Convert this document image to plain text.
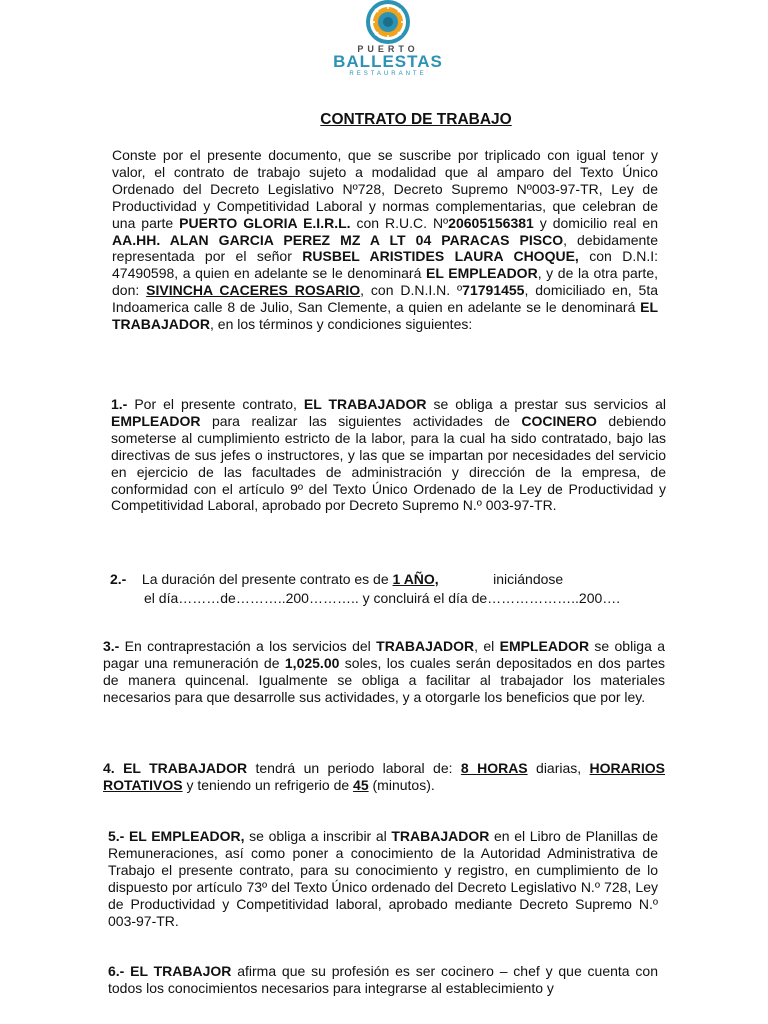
PUERTO
BALLESTAS
RESTAURANTE
CONTRATO DE TRABAJO
Conste por el presente documento, que se suscribe por triplicado con igual tenor y valor, el contrato de trabajo sujeto a modalidad que al amparo del Texto Único Ordenado del Decreto Legislativo Nº728, Decreto Supremo Nº003-97-TR, Ley de Productividad y Competitividad Laboral y normas complementarias, que celebran de una parte PUERTO GLORIA E.I.R.L. con R.U.C. Nº20605156381 y domicilio real en AA.HH. ALAN GARCIA PEREZ MZ A LT 04 PARACAS PISCO, debidamente representada por el señor RUSBEL ARISTIDES LAURA CHOQUE, con D.N.I: 47490598, a quien en adelante se le denominará EL EMPLEADOR, y de la otra parte, don: SIVINCHA CACERES ROSARIO, con D.N.I.N. º71791455, domiciliado en, 5ta Indoamerica calle 8 de Julio, San Clemente, a quien en adelante se le denominará EL TRABAJADOR, en los términos y condiciones siguientes:
1.- Por el presente contrato, EL TRABAJADOR se obliga a prestar sus servicios al EMPLEADOR para realizar las siguientes actividades de COCINERO debiendo someterse al cumplimiento estricto de la labor, para la cual ha sido contratado, bajo las directivas de sus jefes o instructores, y las que se impartan por necesidades del servicio en ejercicio de las facultades de administración y dirección de la empresa, de conformidad con el artículo 9º del Texto Único Ordenado de la Ley de Productividad y Competitividad Laboral, aprobado por Decreto Supremo N.º 003-97-TR.
2.- La duración del presente contrato es de 1 AÑO,	iniciándose
el día………de………..200……….. y concluirá el día de………………..200….
3.- En contraprestación a los servicios del TRABAJADOR, el EMPLEADOR se obliga a pagar una remuneración de 1,025.00 soles, los cuales serán depositados en dos partes de manera quincenal. Igualmente se obliga a facilitar al trabajador los materiales necesarios para que desarrolle sus actividades, y a otorgarle los beneficios que por ley.
4. EL TRABAJADOR tendrá un periodo laboral de: 8 HORAS diarias, HORARIOS ROTATIVOS y teniendo un refrigerio de 45 (minutos).
5.- EL EMPLEADOR, se obliga a inscribir al TRABAJADOR en el Libro de Planillas de Remuneraciones, así como poner a conocimiento de la Autoridad Administrativa de Trabajo el presente contrato, para su conocimiento y registro, en cumplimiento de lo dispuesto por artículo 73º del Texto Único ordenado del Decreto Legislativo N.º 728, Ley de Productividad y Competitividad laboral, aprobado mediante Decreto Supremo N.º 003-97-TR.
6.- EL TRABAJOR afirma que su profesión es ser cocinero – chef y que cuenta con todos los conocimientos necesarios para integrarse al establecimiento y
